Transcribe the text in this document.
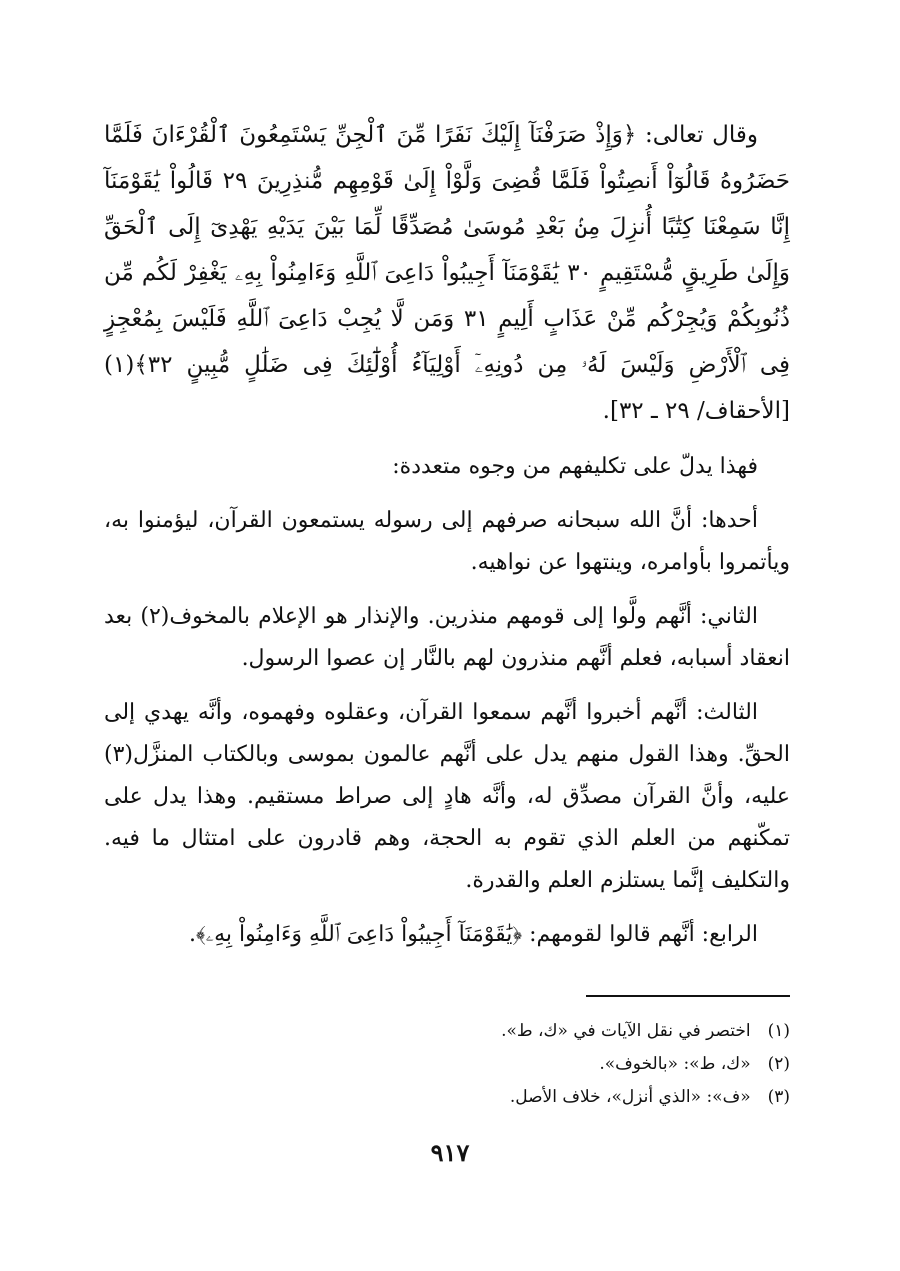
وقال تعالى: ﴿وَإِذْ صَرَفْنَآ إِلَيْكَ نَفَرًا مِّنَ ٱلْجِنِّ يَسْتَمِعُونَ ٱلْقُرْءَانَ فَلَمَّا حَضَرُوهُ قَالُوٓاْ أَنصِتُواْ فَلَمَّا قُضِىَ وَلَّوْاْ إِلَىٰ قَوْمِهِم مُّنذِرِينَ ٢٩ قَالُواْ يَٰقَوْمَنَآ إِنَّا سَمِعْنَا كِتَٰبًا أُنزِلَ مِنۢ بَعْدِ مُوسَىٰ مُصَدِّقًا لِّمَا بَيْنَ يَدَيْهِ يَهْدِىٓ إِلَى ٱلْحَقِّ وَإِلَىٰ طَرِيقٍ مُّسْتَقِيمٍ ٣٠ يَٰقَوْمَنَآ أَجِيبُواْ دَاعِىَ ٱللَّهِ وَءَامِنُواْ بِهِۦ يَغْفِرْ لَكُم مِّن ذُنُوبِكُمْ وَيُجِرْكُم مِّنْ عَذَابٍ أَلِيمٍ ٣١ وَمَن لَّا يُجِبْ دَاعِىَ ٱللَّهِ فَلَيْسَ بِمُعْجِزٍ فِى ٱلْأَرْضِ وَلَيْسَ لَهُۥ مِن دُونِهِۦٓ أَوْلِيَآءُ أُوْلَٰٓئِكَ فِى ضَلَٰلٍ مُّبِينٍ ٣٢﴾(١) [الأحقاف/ ٢٩ ـ ٣٢].

فهذا يدلّ على تكليفهم من وجوه متعددة:

أحدها: أنَّ الله سبحانه صرفهم إلى رسوله يستمعون القرآن، ليؤمنوا به، ويأتمروا بأوامره، وينتهوا عن نواهيه.

الثاني: أنَّهم ولَّوا إلى قومهم منذرين. والإنذار هو الإعلام بالمخوف(٢) بعد انعقاد أسبابه، فعلم أنَّهم منذرون لهم بالنَّار إن عصوا الرسول.

الثالث: أنَّهم أخبروا أنَّهم سمعوا القرآن، وعقلوه وفهموه، وأنَّه يهدي إلى الحقِّ. وهذا القول منهم يدل على أنَّهم عالمون بموسى وبالكتاب المنزَّل(٣) عليه، وأنَّ القرآن مصدِّق له، وأنَّه هادٍ إلى صراط مستقيم. وهذا يدل على تمكّنهم من العلم الذي تقوم به الحجة، وهم قادرون على امتثال ما فيه. والتكليف إنَّما يستلزم العلم والقدرة.

الرابع: أنَّهم قالوا لقومهم: ﴿يَٰقَوْمَنَآ أَجِيبُواْ دَاعِىَ ٱللَّهِ وَءَامِنُواْ بِهِۦ﴾.

(١) اختصر في نقل الآيات في «ك، ط».

(٢) «ك، ط»: «بالخوف».

(٣) «ف»: «الذي أنزل»، خلاف الأصل.

٩١٧
